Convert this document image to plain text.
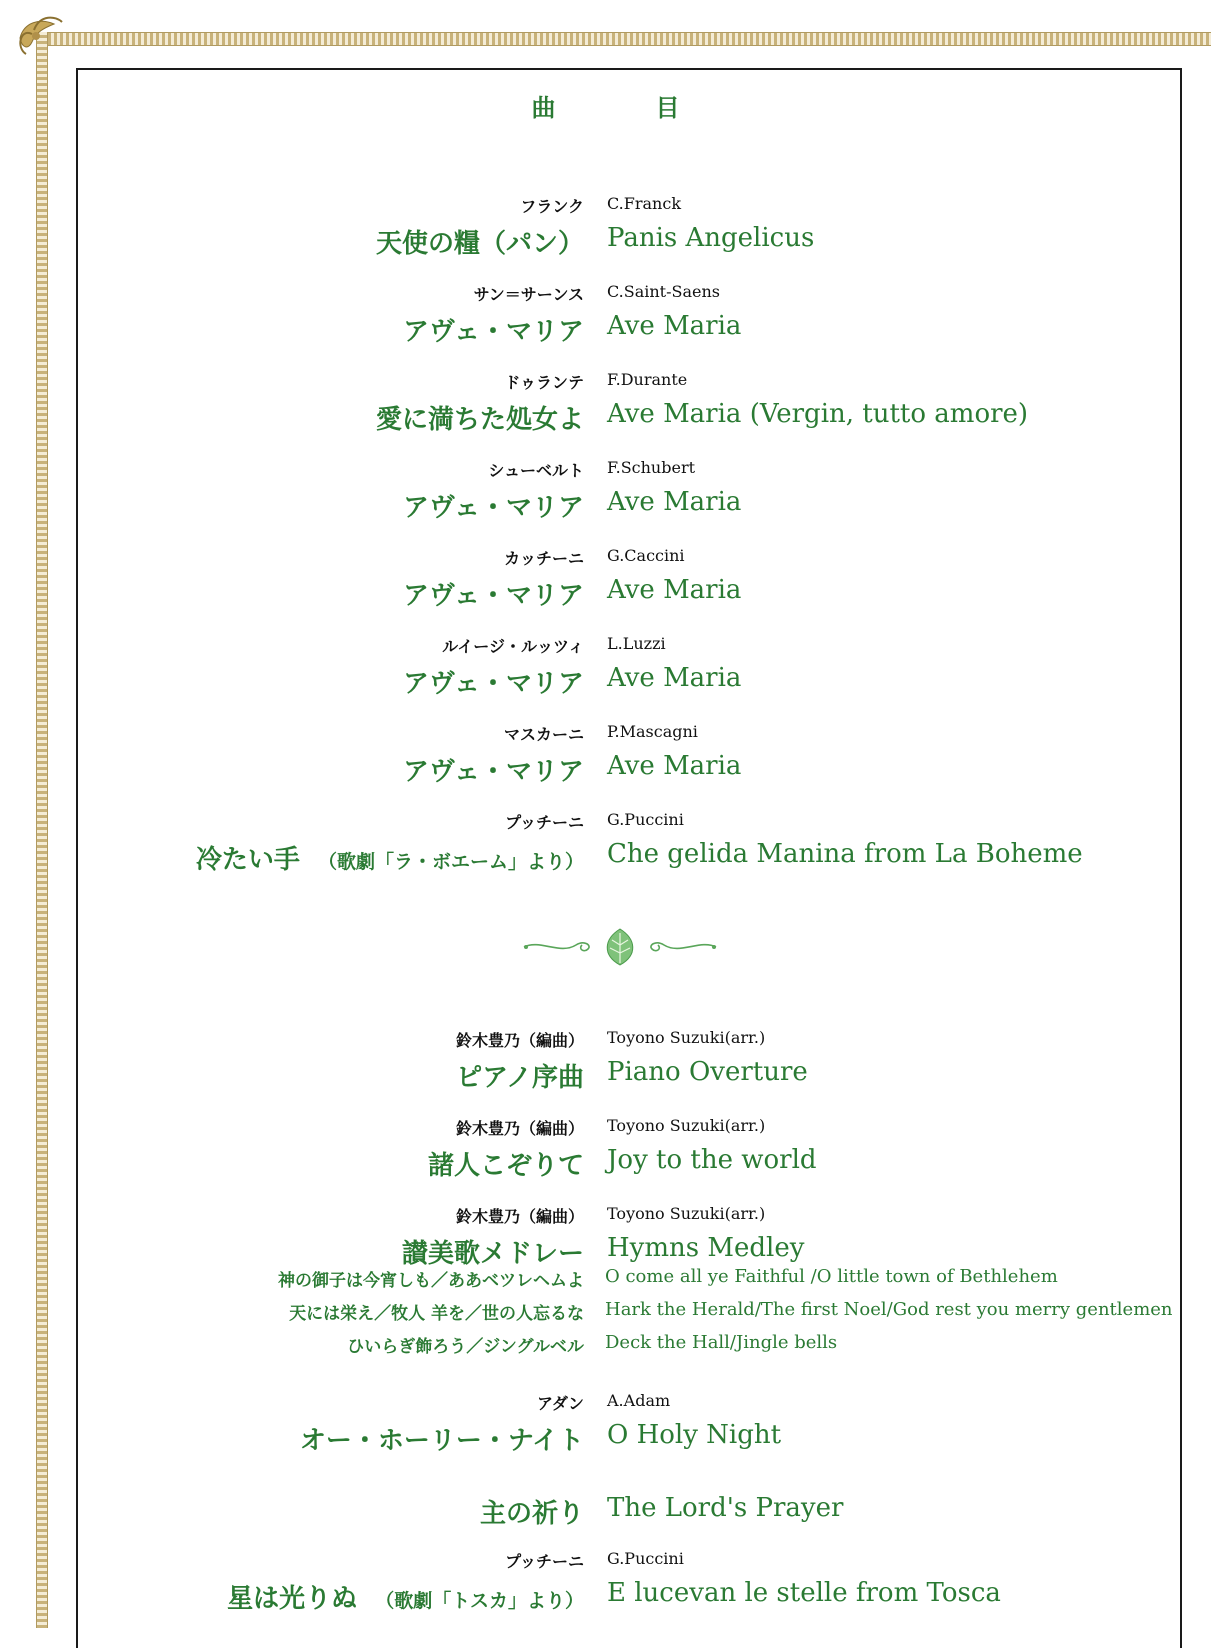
曲	目
フランク C.Franck
天使の糧（パン） Panis Angelicus
サン＝サーンス C.Saint-Saens
アヴェ・マリア Ave Maria
ドゥランテ F.Durante
愛に満ちた処女よ Ave Maria (Vergin, tutto amore)
シューベルト F.Schubert
アヴェ・マリア Ave Maria
カッチーニ G.Caccini
アヴェ・マリア Ave Maria
ルイージ・ルッツィ L.Luzzi
アヴェ・マリア Ave Maria
マスカーニ P.Mascagni
アヴェ・マリア Ave Maria
プッチーニ G.Puccini
冷たい手 （歌劇「ラ・ボエーム」より） Che gelida Manina from La Boheme
鈴木豊乃（編曲） Toyono Suzuki(arr.)
ピアノ序曲 Piano Overture
鈴木豊乃（編曲） Toyono Suzuki(arr.)
諸人こぞりて Joy to the world
鈴木豊乃（編曲） Toyono Suzuki(arr.)
讃美歌メドレー Hymns Medley
神の御子は今宵しも／ああベツレヘムよ O come all ye Faithful /O little town of Bethlehem
天には栄え／牧人 羊を／世の人忘るな Hark the Herald/The first Noel/God rest you merry gentlemen
ひいらぎ飾ろう／ジングルベル Deck the Hall/Jingle bells
アダン A.Adam
オー・ホーリー・ナイト O Holy Night
主の祈り The Lord's Prayer
プッチーニ G.Puccini
星は光りぬ （歌劇「トスカ」より） E lucevan le stelle from Tosca
